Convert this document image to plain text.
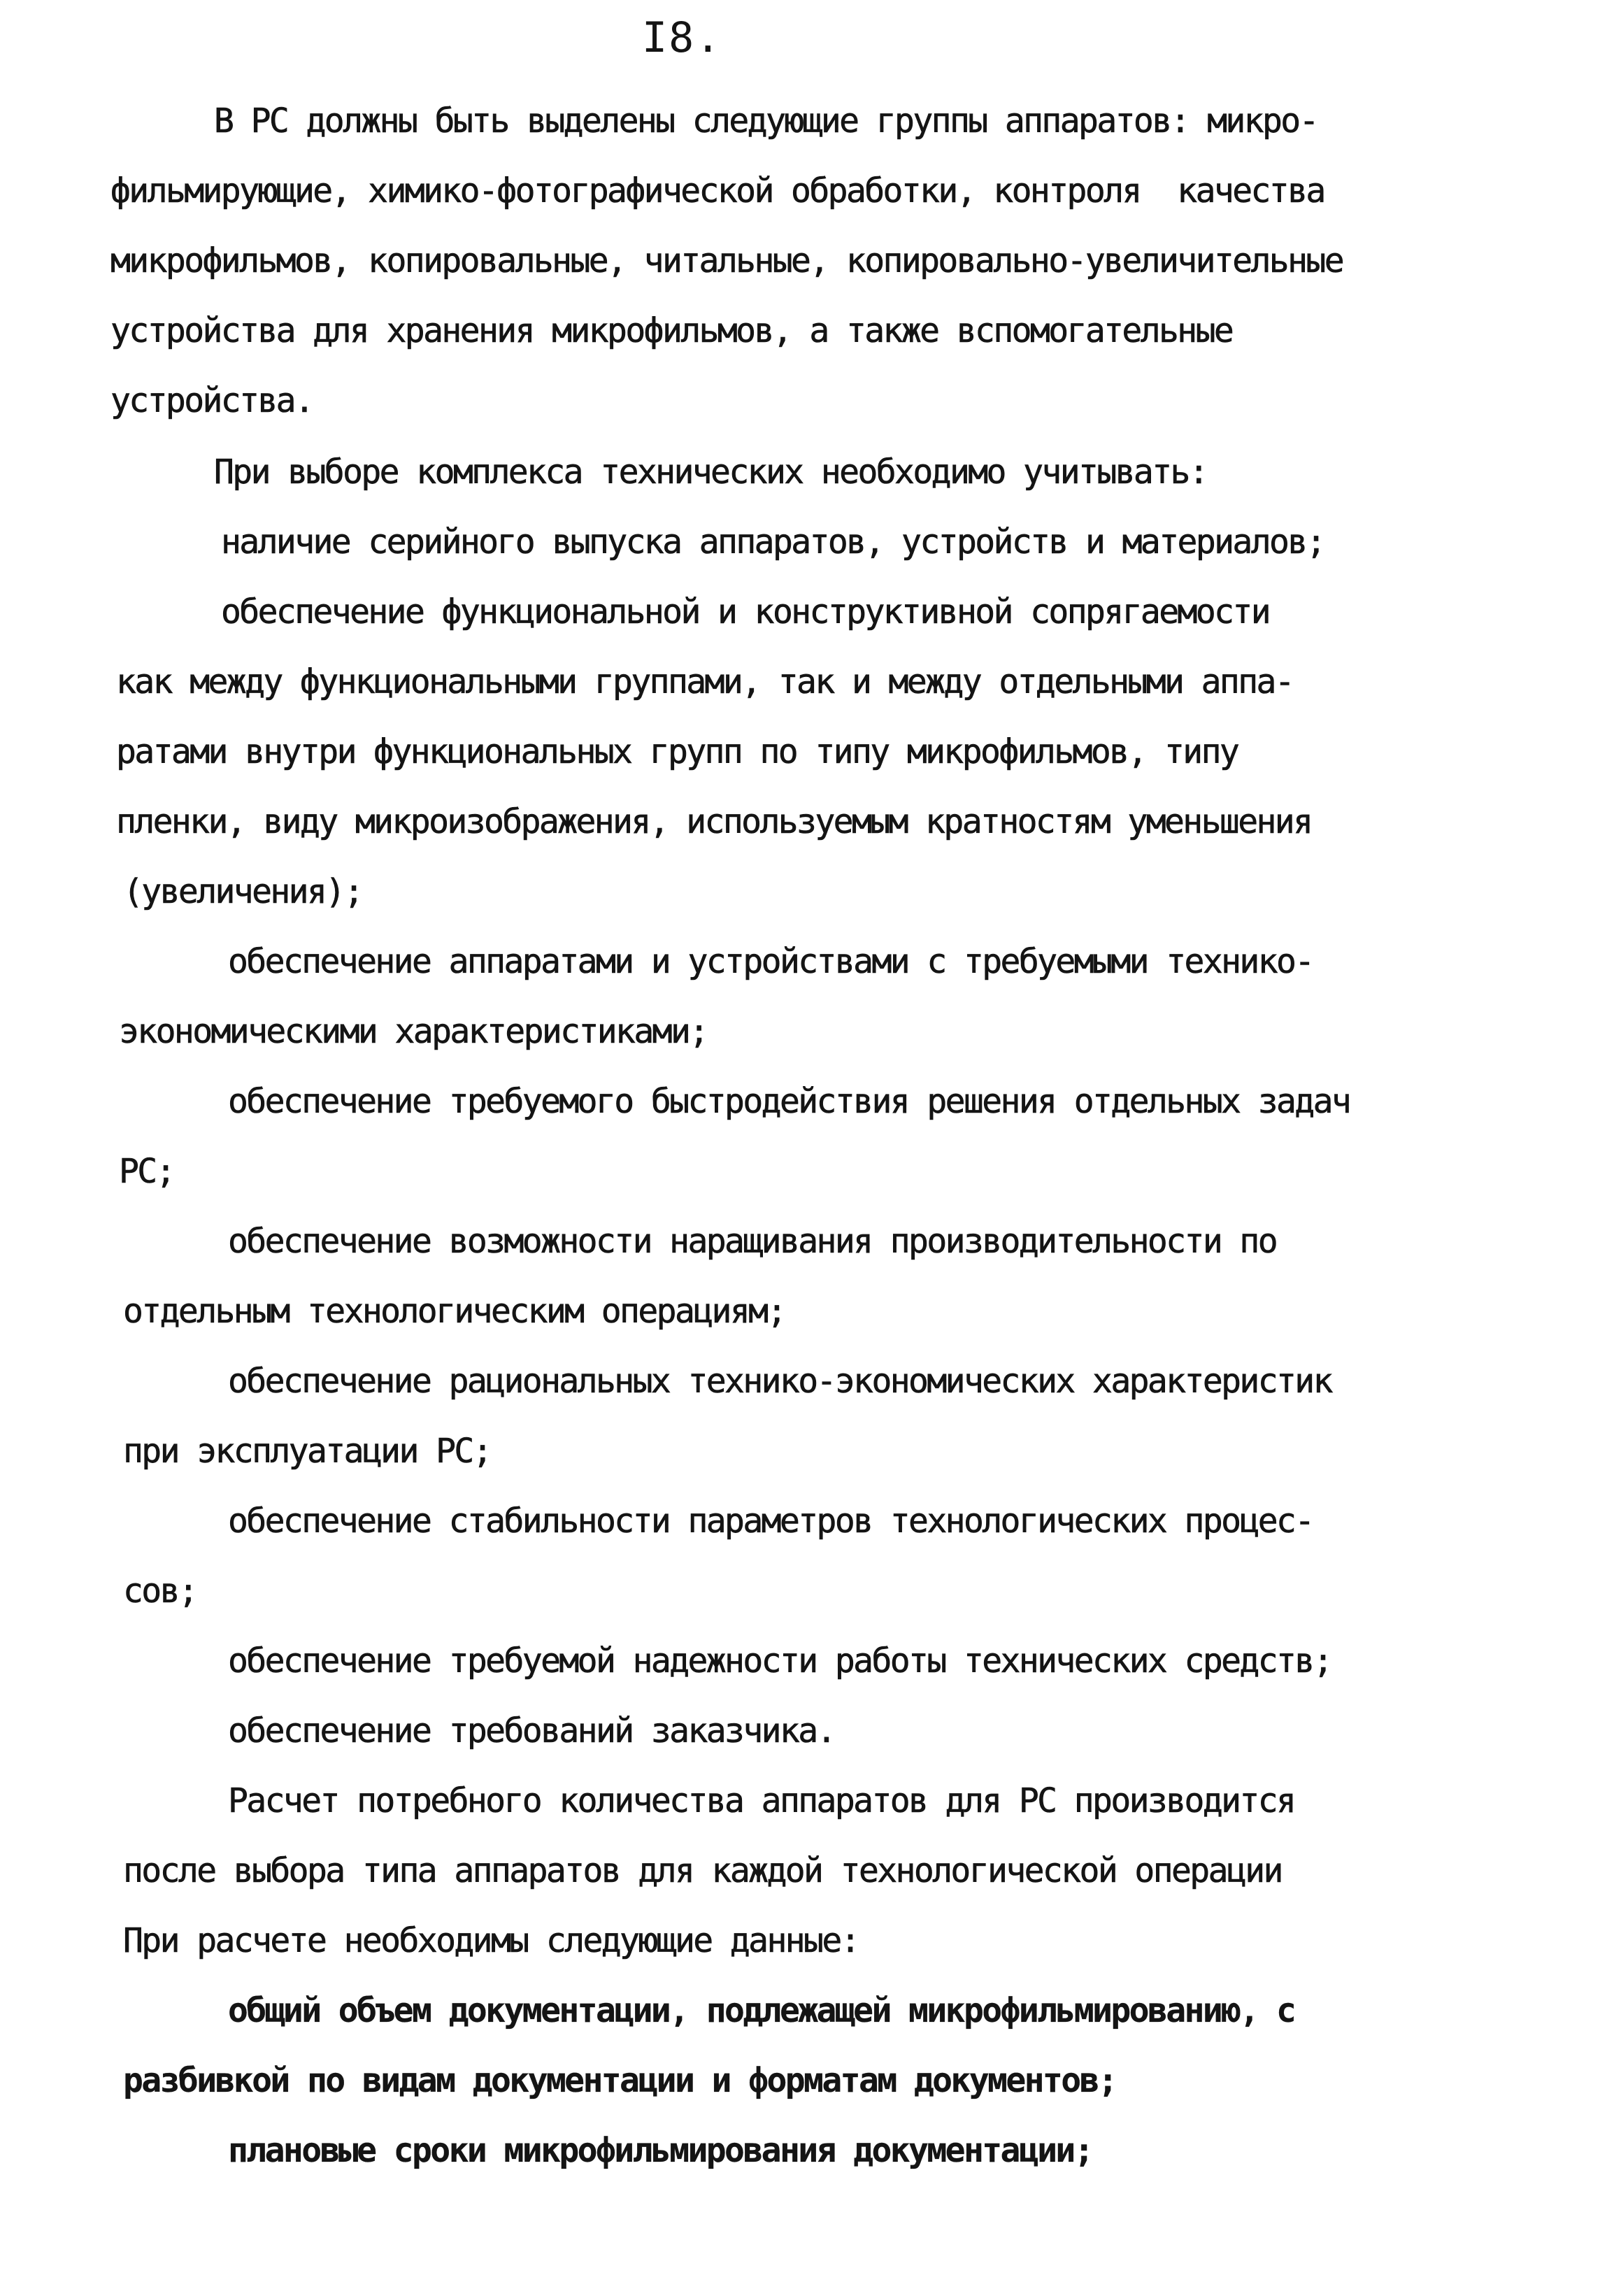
I8.
В РС должны быть выделены следующие группы аппаратов: микро-
фильмирующие, химико-фотографической обработки, контроля  качества
микрофильмов, копировальные, читальные, копировально-увеличительные
устройства для хранения микрофильмов, а также вспомогательные
устройства.
При выборе комплекса технических необходимо учитывать:
наличие серийного выпуска аппаратов, устройств и материалов;
обеспечение функциональной и конструктивной сопрягаемости
как между функциональными группами, так и между отдельными аппа-
ратами внутри функциональных групп по типу микрофильмов, типу
пленки, виду микроизображения, используемым кратностям уменьшения
(увеличения);
обеспечение аппаратами и устройствами с требуемыми технико-
экономическими характеристиками;
обеспечение требуемого быстродействия решения отдельных задач
РС;
обеспечение возможности наращивания производительности по
отдельным технологическим операциям;
обеспечение рациональных технико-экономических характеристик
при эксплуатации РС;
обеспечение стабильности параметров технологических процес-
сов;
обеспечение требуемой надежности работы технических средств;
обеспечение требований заказчика.
Расчет потребного количества аппаратов для РС производится
после выбора типа аппаратов для каждой технологической операции
При расчете необходимы следующие данные:
общий объем документации, подлежащей микрофильмированию, с
разбивкой по видам документации и форматам документов;
плановые сроки микрофильмирования документации;
